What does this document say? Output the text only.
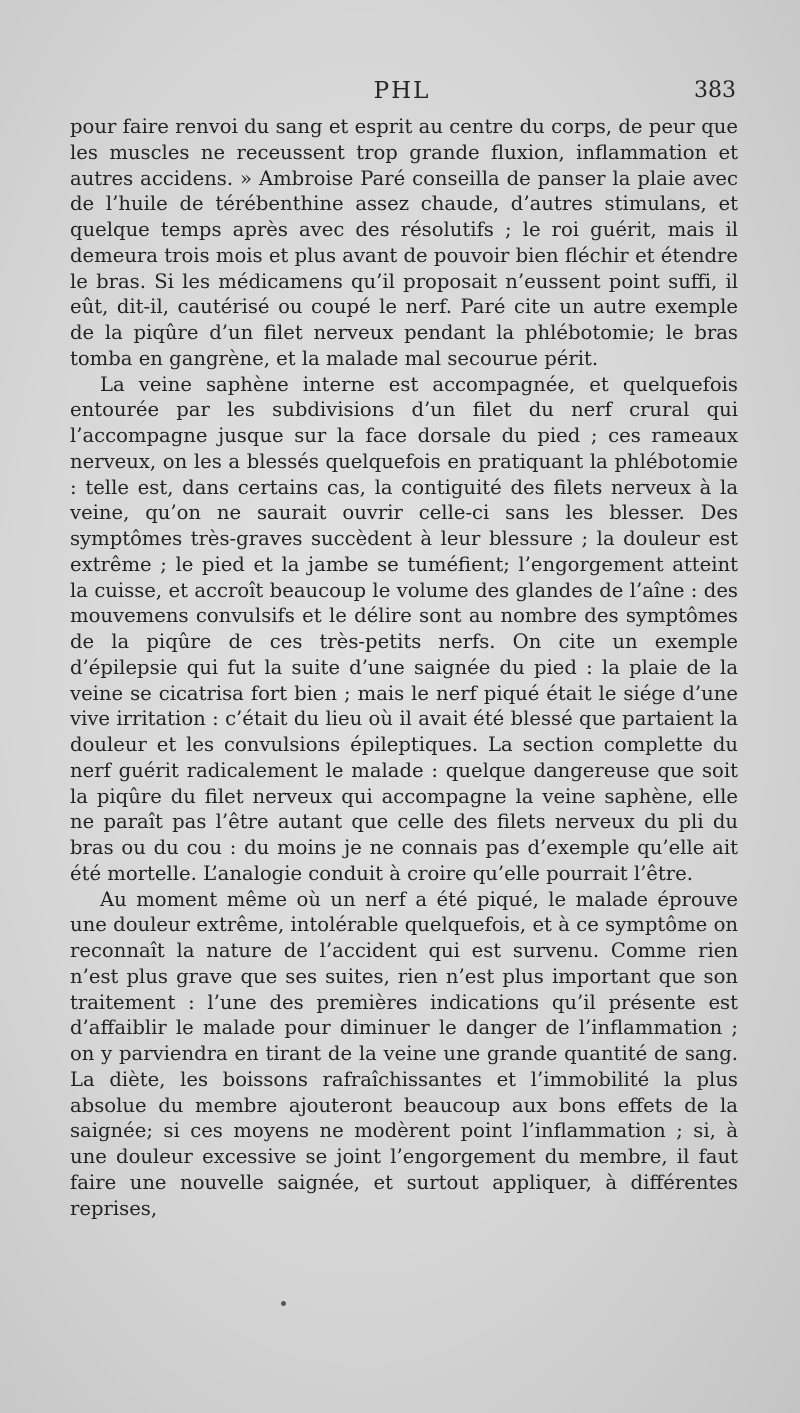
PHL	383

pour faire renvoi du sang et esprit au centre du corps, de peur que les muscles ne receussent trop grande fluxion, inflammation et autres accidens. » Ambroise Paré conseilla de panser la plaie avec de l’huile de térébenthine assez chaude, d’autres stimulans, et quelque temps après avec des résolutifs ; le roi guérit, mais il demeura trois mois et plus avant de pouvoir bien fléchir et étendre le bras. Si les médicamens qu’il proposait n’eussent point suffi, il eût, dit-il, cautérisé ou coupé le nerf. Paré cite un autre exemple de la piqûre d’un filet nerveux pendant la phlébotomie; le bras tomba en gangrène, et la malade mal secourue périt.

La veine saphène interne est accompagnée, et quelquefois entourée par les subdivisions d’un filet du nerf crural qui l’accompagne jusque sur la face dorsale du pied ; ces rameaux nerveux, on les a blessés quelquefois en pratiquant la phlébotomie : telle est, dans certains cas, la contiguité des filets nerveux à la veine, qu’on ne saurait ouvrir celle-ci sans les blesser. Des symptômes très-graves succèdent à leur blessure ; la douleur est extrême ; le pied et la jambe se tuméfient; l’engorgement atteint la cuisse, et accroît beaucoup le volume des glandes de l’aîne : des mouvemens convulsifs et le délire sont au nombre des symptômes de la piqûre de ces très-petits nerfs. On cite un exemple d’épilepsie qui fut la suite d’une saignée du pied : la plaie de la veine se cicatrisa fort bien ; mais le nerf piqué était le siége d’une vive irritation : c’était du lieu où il avait été blessé que partaient la douleur et les convulsions épileptiques. La section complette du nerf guérit radicalement le malade : quelque dangereuse que soit la piqûre du filet nerveux qui accompagne la veine saphène, elle ne paraît pas l’être autant que celle des filets nerveux du pli du bras ou du cou : du moins je ne connais pas d’exemple qu’elle ait été mortelle. L’analogie conduit à croire qu’elle pourrait l’être.

Au moment même où un nerf a été piqué, le malade éprouve une douleur extrême, intolérable quelquefois, et à ce symptôme on reconnaît la nature de l’accident qui est survenu. Comme rien n’est plus grave que ses suites, rien n’est plus important que son traitement : l’une des premières indications qu’il présente est d’affaiblir le malade pour diminuer le danger de l’inflammation ; on y parviendra en tirant de la veine une grande quantité de sang. La diète, les boissons rafraîchissantes et l’immobilité la plus absolue du membre ajouteront beaucoup aux bons effets de la saignée; si ces moyens ne modèrent point l’inflammation ; si, à une douleur excessive se joint l’engorgement du membre, il faut faire une nouvelle saignée, et surtout appliquer, à différentes reprises,
